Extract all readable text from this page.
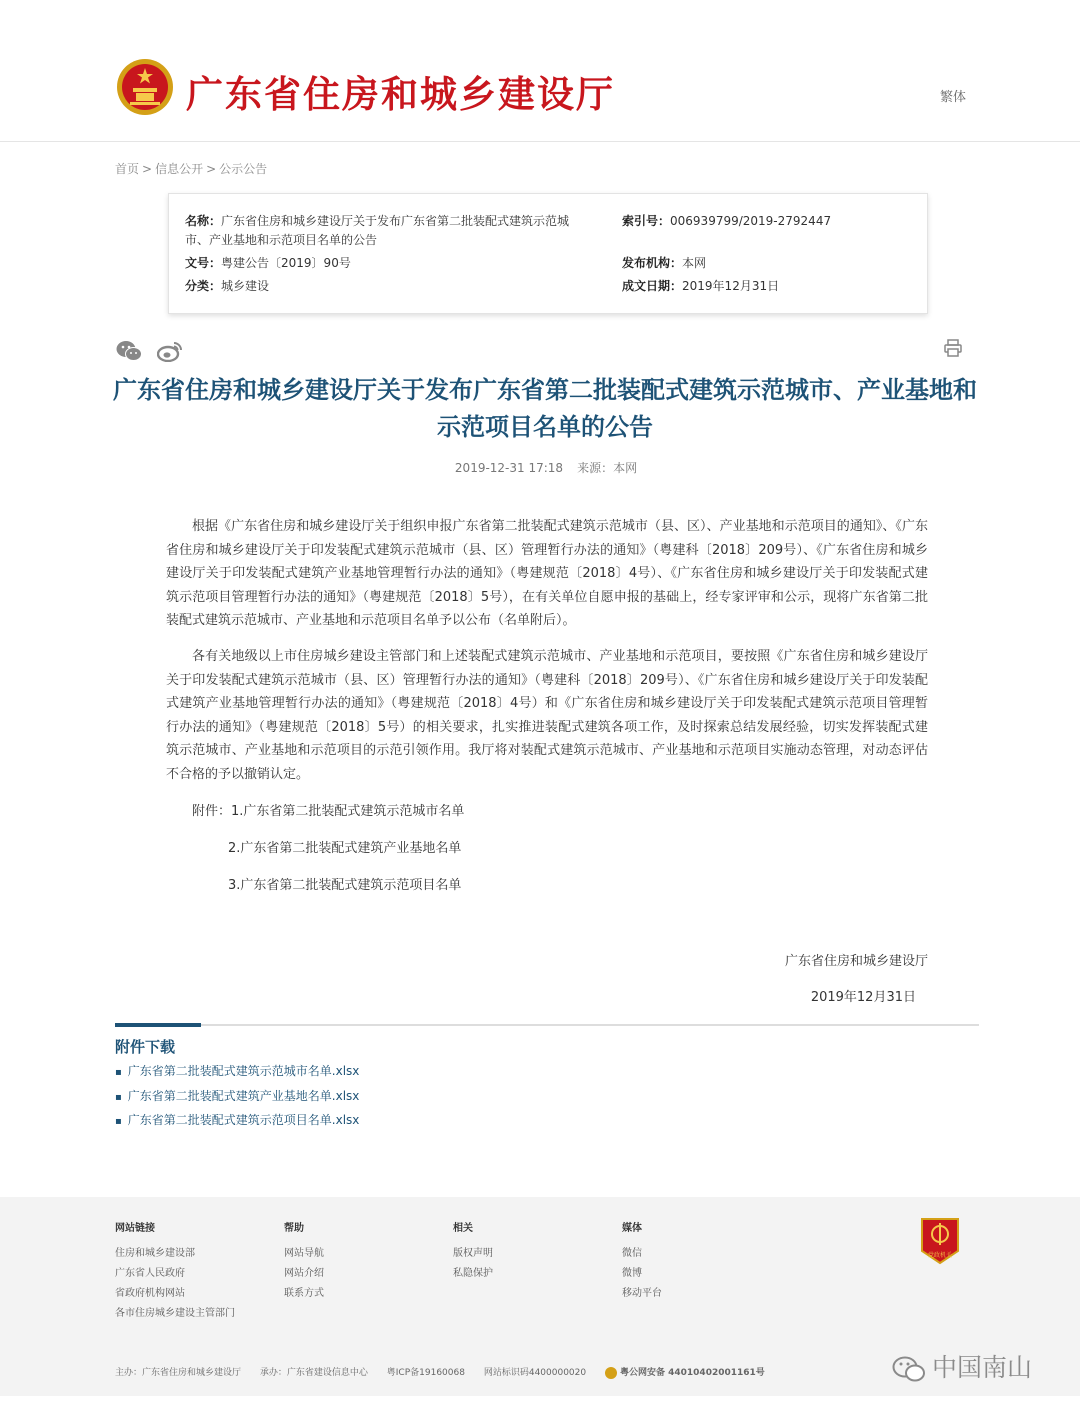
广东省住房和城乡建设厅	繁体
首页 > 信息公开 > 公示公告
名称：广东省住房和城乡建设厅关于发布广东省第二批装配式建筑示范城市、产业基地和示范项目名单的公告
索引号：006939799/2019-2792447
文号：粤建公告〔2019〕90号	发布机构：本网
分类：城乡建设	成文日期：2019年12月31日

广东省住房和城乡建设厅关于发布广东省第二批装配式建筑示范城市、产业基地和示范项目名单的公告
2019-12-31 17:18 来源：本网

根据《广东省住房和城乡建设厅关于组织申报广东省第二批装配式建筑示范城市（县、区）、产业基地和示范项目的通知》、《广东省住房和城乡建设厅关于印发装配式建筑示范城市（县、区）管理暂行办法的通知》（粤建科〔2018〕209号）、《广东省住房和城乡建设厅关于印发装配式建筑产业基地管理暂行办法的通知》（粤建规范〔2018〕4号）、《广东省住房和城乡建设厅关于印发装配式建筑示范项目管理暂行办法的通知》（粤建规范〔2018〕5号），在有关单位自愿申报的基础上，经专家评审和公示，现将广东省第二批装配式建筑示范城市、产业基地和示范项目名单予以公布（名单附后）。

各有关地级以上市住房城乡建设主管部门和上述装配式建筑示范城市、产业基地和示范项目，要按照《广东省住房和城乡建设厅关于印发装配式建筑示范城市（县、区）管理暂行办法的通知》（粤建科〔2018〕209号）、《广东省住房和城乡建设厅关于印发装配式建筑产业基地管理暂行办法的通知》（粤建规范〔2018〕4号）和《广东省住房和城乡建设厅关于印发装配式建筑示范项目管理暂行办法的通知》（粤建规范〔2018〕5号）的相关要求，扎实推进装配式建筑各项工作，及时探索总结发展经验，切实发挥装配式建筑示范城市、产业基地和示范项目的示范引领作用。我厅将对装配式建筑示范城市、产业基地和示范项目实施动态管理，对动态评估不合格的予以撤销认定。

附件：1.广东省第二批装配式建筑示范城市名单
2.广东省第二批装配式建筑产业基地名单
3.广东省第二批装配式建筑示范项目名单
广东省住房和城乡建设厅
2019年12月31日
附件下载
▪ 广东省第二批装配式建筑示范城市名单.xlsx
▪ 广东省第二批装配式建筑产业基地名单.xlsx
▪ 广东省第二批装配式建筑示范项目名单.xlsx
网站链接
住房和城乡建设部
广东省人民政府
省政府机构网站
各市住房城乡建设主管部门
帮助
网站导航
网站介绍
联系方式
相关
版权声明
私隐保护
媒体
微信
微博
移动平台
党政机关
主办：广东省住房和城乡建设厅 承办：广东省建设信息中心 粤ICP备19160068 网站标识码4400000020	粤公网安备 44010402001161号	中国南山
